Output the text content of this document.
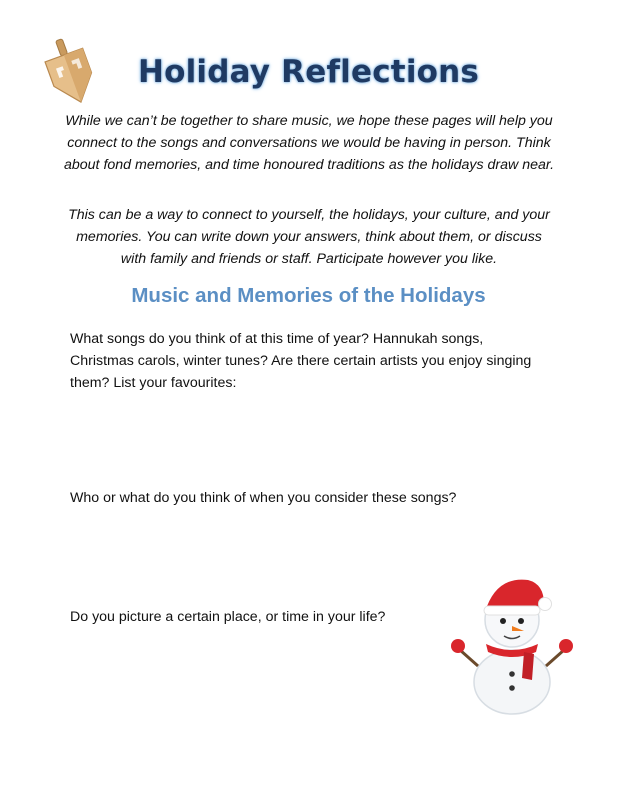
Holiday Reflections

While we can’t be together to share music, we hope these pages will help you connect to the songs and conversations we would be having in person. Think about fond memories, and time honoured traditions as the holidays draw near.

This can be a way to connect to yourself, the holidays, your culture, and your memories. You can write down your answers, think about them, or discuss with family and friends or staff. Participate however you like.

Music and Memories of the Holidays

What songs do you think of at this time of year? Hannukah songs, Christmas carols, winter tunes? Are there certain artists you enjoy singing them? List your favourites:

Who or what do you think of when you consider these songs?

Do you picture a certain place, or time in your life?
